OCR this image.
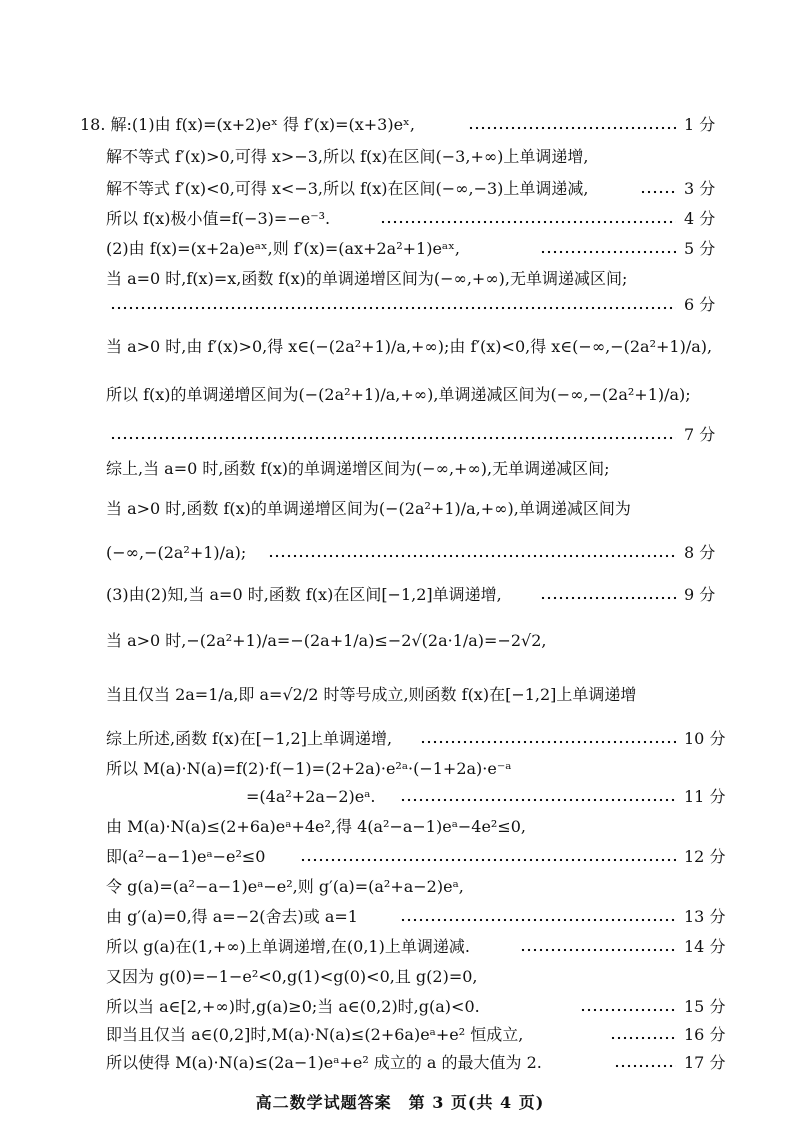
18. 解:(1)由 f(x)=(x+2)eˣ 得 f′(x)=(x+3)eˣ,	1 分
解不等式 f′(x)>0,可得 x>−3,所以 f(x)在区间(−3,+∞)上单调递增,
解不等式 f′(x)<0,可得 x<−3,所以 f(x)在区间(−∞,−3)上单调递减,	3 分
所以 f(x)极小值=f(−3)=−e⁻³.	4 分
(2)由 f(x)=(x+2a)eᵃˣ,则 f′(x)=(ax+2a²+1)eᵃˣ,	5 分
当 a=0 时,f(x)=x,函数 f(x)的单调递增区间为(−∞,+∞),无单调递减区间;
6 分
当 a>0 时,由 f′(x)>0,得 x∈(−(2a²+1)/a,+∞);由 f′(x)<0,得 x∈(−∞,−(2a²+1)/a),
所以 f(x)的单调递增区间为(−(2a²+1)/a,+∞),单调递减区间为(−∞,−(2a²+1)/a);
7 分
综上,当 a=0 时,函数 f(x)的单调递增区间为(−∞,+∞),无单调递减区间;
当 a>0 时,函数 f(x)的单调递增区间为(−(2a²+1)/a,+∞),单调递减区间为
(−∞,−(2a²+1)/a);	8 分
(3)由(2)知,当 a=0 时,函数 f(x)在区间[−1,2]单调递增,	9 分
当 a>0 时,−(2a²+1)/a=−(2a+1/a)≤−2√(2a·1/a)=−2√2,
当且仅当 2a=1/a,即 a=√2/2 时等号成立,则函数 f(x)在[−1,2]上单调递增
综上所述,函数 f(x)在[−1,2]上单调递增,	10 分
所以 M(a)·N(a)=f(2)·f(−1)=(2+2a)·e²ᵃ·(−1+2a)·e⁻ᵃ
=(4a²+2a−2)eᵃ.	11 分
由 M(a)·N(a)≤(2+6a)eᵃ+4e²,得 4(a²−a−1)eᵃ−4e²≤0,
即(a²−a−1)eᵃ−e²≤0	12 分
令 g(a)=(a²−a−1)eᵃ−e²,则 g′(a)=(a²+a−2)eᵃ,
由 g′(a)=0,得 a=−2(舍去)或 a=1	13 分
所以 g(a)在(1,+∞)上单调递增,在(0,1)上单调递减.	14 分
又因为 g(0)=−1−e²<0,g(1)<g(0)<0,且 g(2)=0,
所以当 a∈[2,+∞)时,g(a)≥0;当 a∈(0,2)时,g(a)<0.	15 分
即当且仅当 a∈(0,2]时,M(a)·N(a)≤(2+6a)eᵃ+e² 恒成立,	16 分
所以使得 M(a)·N(a)≤(2a−1)eᵃ+e² 成立的 a 的最大值为 2.	17 分
高二数学试题答案　第 3 页(共 4 页)
